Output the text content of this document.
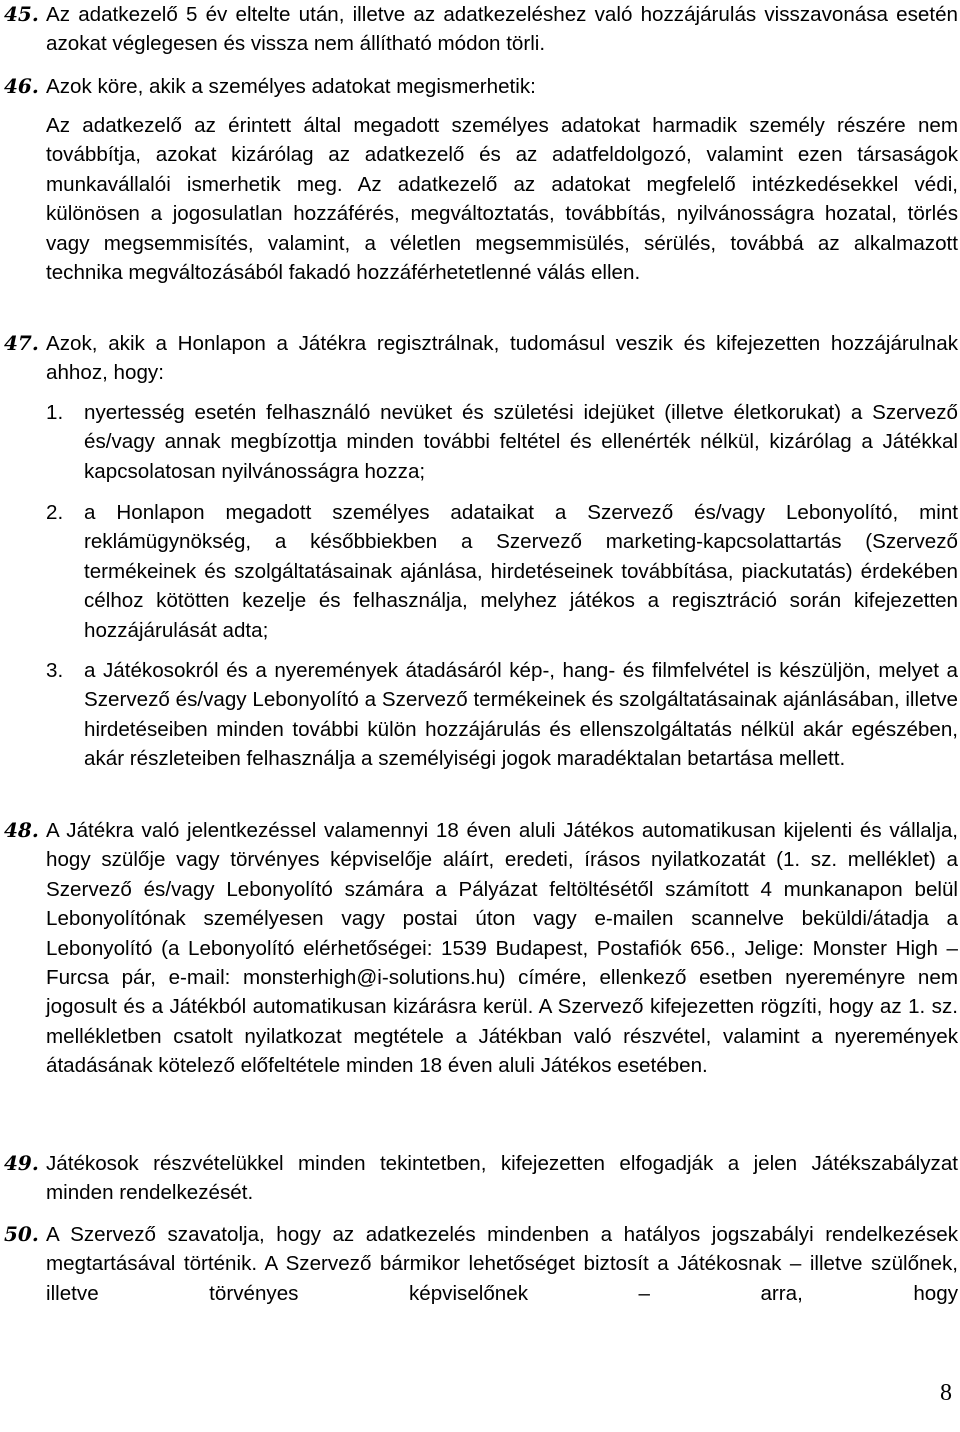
45. Az adatkezelő 5 év eltelte után, illetve az adatkezeléshez való hozzájárulás visszavonása esetén azokat véglegesen és vissza nem állítható módon törli.

46. Azok köre, akik a személyes adatokat megismerhetik:

Az adatkezelő az érintett által megadott személyes adatokat harmadik személy részére nem továbbítja, azokat kizárólag az adatkezelő és az adatfeldolgozó, valamint ezen társaságok munkavállalói ismerhetik meg. Az adatkezelő az adatokat megfelelő intézkedésekkel védi, különösen a jogosulatlan hozzáférés, megváltoztatás, továbbítás, nyilvánosságra hozatal, törlés vagy megsemmisítés, valamint, a véletlen megsemmisülés, sérülés, továbbá az alkalmazott technika megváltozásából fakadó hozzáférhetetlenné válás ellen.

47. Azok, akik a Honlapon a Játékra regisztrálnak, tudomásul veszik és kifejezetten hozzájárulnak ahhoz, hogy:

1. nyertesség esetén felhasználó nevüket és születési idejüket (illetve életkorukat) a Szervező és/vagy annak megbízottja minden további feltétel és ellenérték nélkül, kizárólag a Játékkal kapcsolatosan nyilvánosságra hozza;

2. a Honlapon megadott személyes adataikat a Szervező és/vagy Lebonyolító, mint reklámügynökség, a későbbiekben a Szervező marketing-kapcsolattartás (Szervező termékeinek és szolgáltatásainak ajánlása, hirdetéseinek továbbítása, piackutatás) érdekében célhoz kötötten kezelje és felhasználja, melyhez játékos a regisztráció során kifejezetten hozzájárulását adta;

3. a Játékosokról és a nyeremények átadásáról kép-, hang- és filmfelvétel is készüljön, melyet a Szervező és/vagy Lebonyolító a Szervező termékeinek és szolgáltatásainak ajánlásában, illetve hirdetéseiben minden további külön hozzájárulás és ellenszolgáltatás nélkül akár egészében, akár részleteiben felhasználja a személyiségi jogok maradéktalan betartása mellett.

48. A Játékra való jelentkezéssel valamennyi 18 éven aluli Játékos automatikusan kijelenti és vállalja, hogy szülője vagy törvényes képviselője aláírt, eredeti, írásos nyilatkozatát (1. sz. melléklet) a Szervező és/vagy Lebonyolító számára a Pályázat feltöltésétől számított 4 munkanapon belül Lebonyolítónak személyesen vagy postai úton vagy e-mailen scannelve beküldi/átadja a Lebonyolító (a Lebonyolító elérhetőségei: 1539 Budapest, Postafiók 656., Jelige: Monster High – Furcsa pár, e-mail: monsterhigh@i-solutions.hu) címére, ellenkező esetben nyereményre nem jogosult és a Játékból automatikusan kizárásra kerül. A Szervező kifejezetten rögzíti, hogy az 1. sz. mellékletben csatolt nyilatkozat megtétele a Játékban való részvétel, valamint a nyeremények átadásának kötelező előfeltétele minden 18 éven aluli Játékos esetében.

49. Játékosok részvételükkel minden tekintetben, kifejezetten elfogadják a jelen Játékszabályzat minden rendelkezését.

50. A Szervező szavatolja, hogy az adatkezelés mindenben a hatályos jogszabályi rendelkezések megtartásával történik. A Szervező bármikor lehetőséget biztosít a Játékosnak – illetve szülőnek, illetve törvényes képviselőnek – arra, hogy

8
